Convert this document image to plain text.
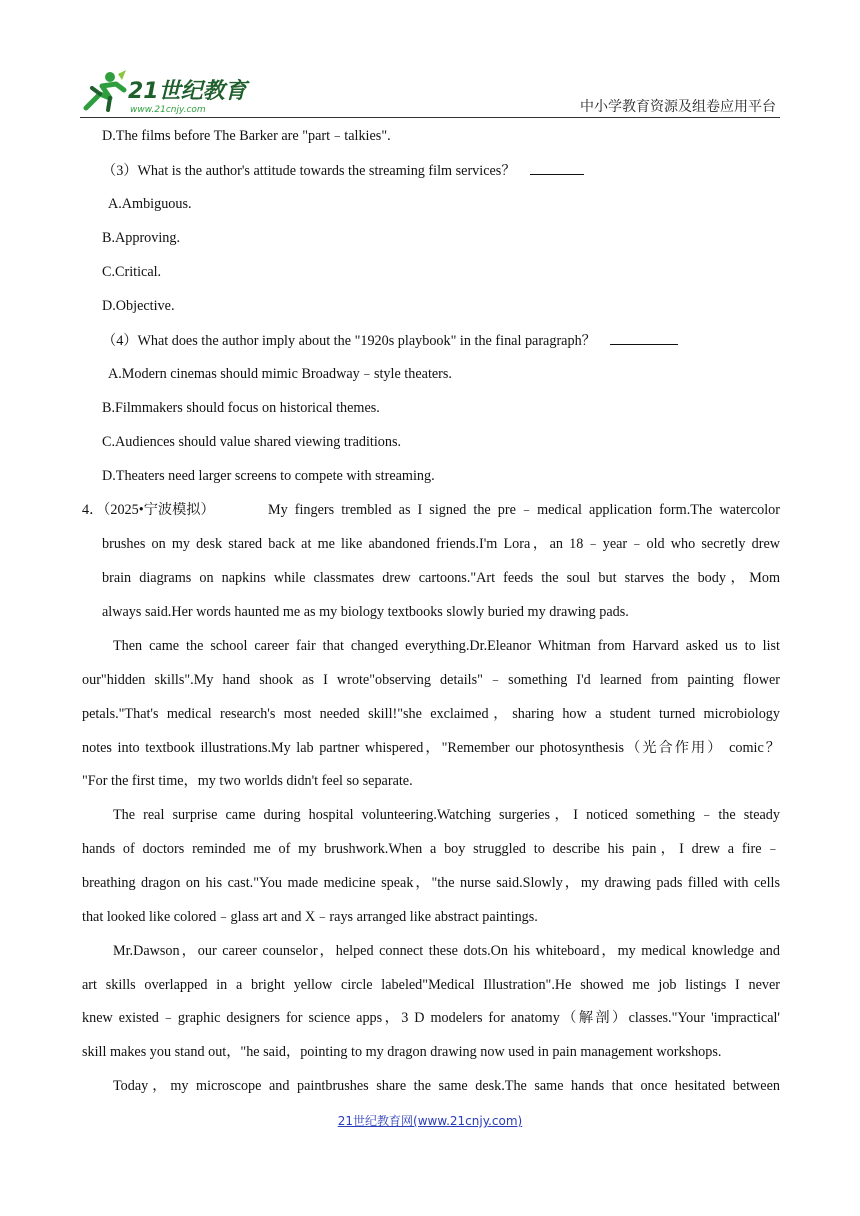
21世纪教育
www.21cnjy.com	中小学教育资源及组卷应用平台
D.The films before The Barker are "part﹣talkies".
（3）What is the author's attitude towards the streaming film services？
A.Ambiguous.
B.Approving.
C.Critical.
D.Objective.
（4）What does the author imply about the "1920s playbook" in the final paragraph？
A.Modern cinemas should mimic Broadway﹣style theaters.
B.Filmmakers should focus on historical themes.
C.Audiences should value shared viewing traditions.
D.Theaters need larger screens to compete with streaming.
4．（2025•宁波模拟）	My fingers trembled as I signed the pre﹣medical application form.The watercolor
brushes on my desk stared back at me like abandoned friends.I'm Lora，an 18﹣year﹣old who secretly drew
brain diagrams on napkins while classmates drew cartoons."Art feeds the soul but starves the body，Mom
always said.Her words haunted me as my biology textbooks slowly buried my drawing pads.
Then came the school career fair that changed everything.Dr.Eleanor Whitman from Harvard asked us to list
our"hidden skills".My hand shook as I wrote"observing details"﹣something I'd learned from painting flower
petals."That's medical research's most needed skill!"she exclaimed，sharing how a student turned microbiology
notes into textbook illustrations.My lab partner whispered，"Remember our photosynthesis（光合作用） comic？
"For the first time，my two worlds didn't feel so separate.
The real surprise came during hospital volunteering.Watching surgeries，I noticed something﹣the steady
hands of doctors reminded me of my brushwork.When a boy struggled to describe his pain，I drew a fire﹣
breathing dragon on his cast."You made medicine speak，"the nurse said.Slowly，my drawing pads filled with cells
that looked like colored﹣glass art and X﹣rays arranged like abstract paintings.
Mr.Dawson，our career counselor，helped connect these dots.On his whiteboard，my medical knowledge and
art skills overlapped in a bright yellow circle labeled"Medical Illustration".He showed me job listings I never
knew existed﹣graphic designers for science apps，3 D modelers for anatomy（解剖）classes."Your 'impractical'
skill makes you stand out，"he said，pointing to my dragon drawing now used in pain management workshops.
Today，my microscope and paintbrushes share the same desk.The same hands that once hesitated between
21世纪教育网(www.21cnjy.com)
